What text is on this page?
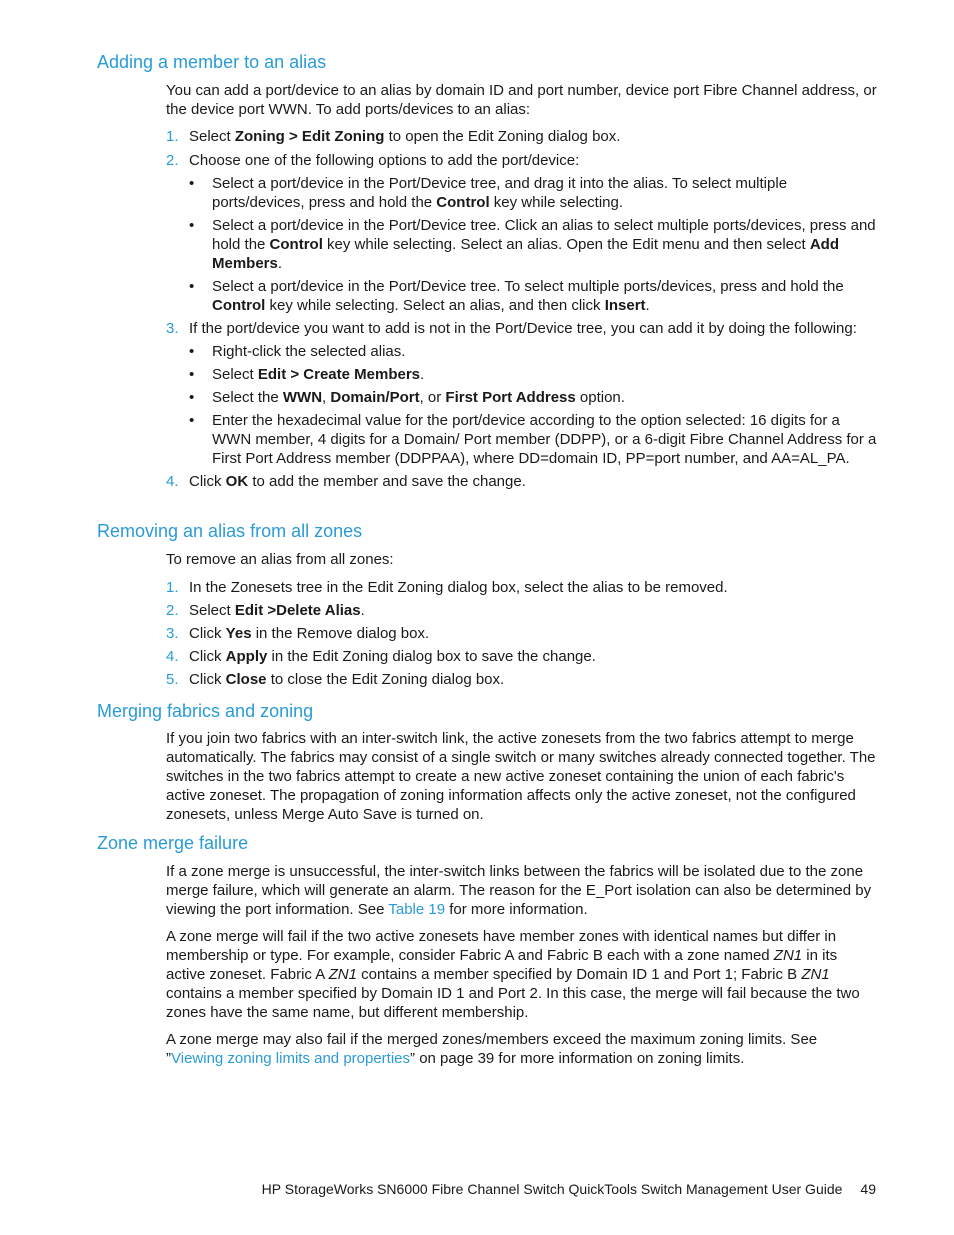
Adding a member to an alias

You can add a port/device to an alias by domain ID and port number, device port Fibre Channel address, or the device port WWN. To add ports/devices to an alias:

1. Select Zoning > Edit Zoning to open the Edit Zoning dialog box.
2. Choose one of the following options to add the port/device:
• Select a port/device in the Port/Device tree, and drag it into the alias. To select multiple ports/devices, press and hold the Control key while selecting.
• Select a port/device in the Port/Device tree. Click an alias to select multiple ports/devices, press and hold the Control key while selecting. Select an alias. Open the Edit menu and then select Add Members.
• Select a port/device in the Port/Device tree. To select multiple ports/devices, press and hold the Control key while selecting. Select an alias, and then click Insert.
3. If the port/device you want to add is not in the Port/Device tree, you can add it by doing the following:
• Right-click the selected alias.
• Select Edit > Create Members.
• Select the WWN, Domain/Port, or First Port Address option.
• Enter the hexadecimal value for the port/device according to the option selected: 16 digits for a WWN member, 4 digits for a Domain/ Port member (DDPP), or a 6-digit Fibre Channel Address for a First Port Address member (DDPPAA), where DD=domain ID, PP=port number, and AA=AL_PA.
4. Click OK to add the member and save the change.
Removing an alias from all zones

To remove an alias from all zones:

1. In the Zonesets tree in the Edit Zoning dialog box, select the alias to be removed.
2. Select Edit >Delete Alias.
3. Click Yes in the Remove dialog box.
4. Click Apply in the Edit Zoning dialog box to save the change.
5. Click Close to close the Edit Zoning dialog box.
Merging fabrics and zoning

If you join two fabrics with an inter-switch link, the active zonesets from the two fabrics attempt to merge automatically. The fabrics may consist of a single switch or many switches already connected together. The switches in the two fabrics attempt to create a new active zoneset containing the union of each fabric's active zoneset. The propagation of zoning information affects only the active zoneset, not the configured zonesets, unless Merge Auto Save is turned on.

Zone merge failure

If a zone merge is unsuccessful, the inter-switch links between the fabrics will be isolated due to the zone merge failure, which will generate an alarm. The reason for the E_Port isolation can also be determined by viewing the port information. See Table 19 for more information.

A zone merge will fail if the two active zonesets have member zones with identical names but differ in membership or type. For example, consider Fabric A and Fabric B each with a zone named ZN1 in its active zoneset. Fabric A ZN1 contains a member specified by Domain ID 1 and Port 1; Fabric B ZN1 contains a member specified by Domain ID 1 and Port 2. In this case, the merge will fail because the two zones have the same name, but different membership.

A zone merge may also fail if the merged zones/members exceed the maximum zoning limits. See ”Viewing zoning limits and properties” on page 39 for more information on zoning limits.

HP StorageWorks SN6000 Fibre Channel Switch QuickTools Switch Management User Guide 49
